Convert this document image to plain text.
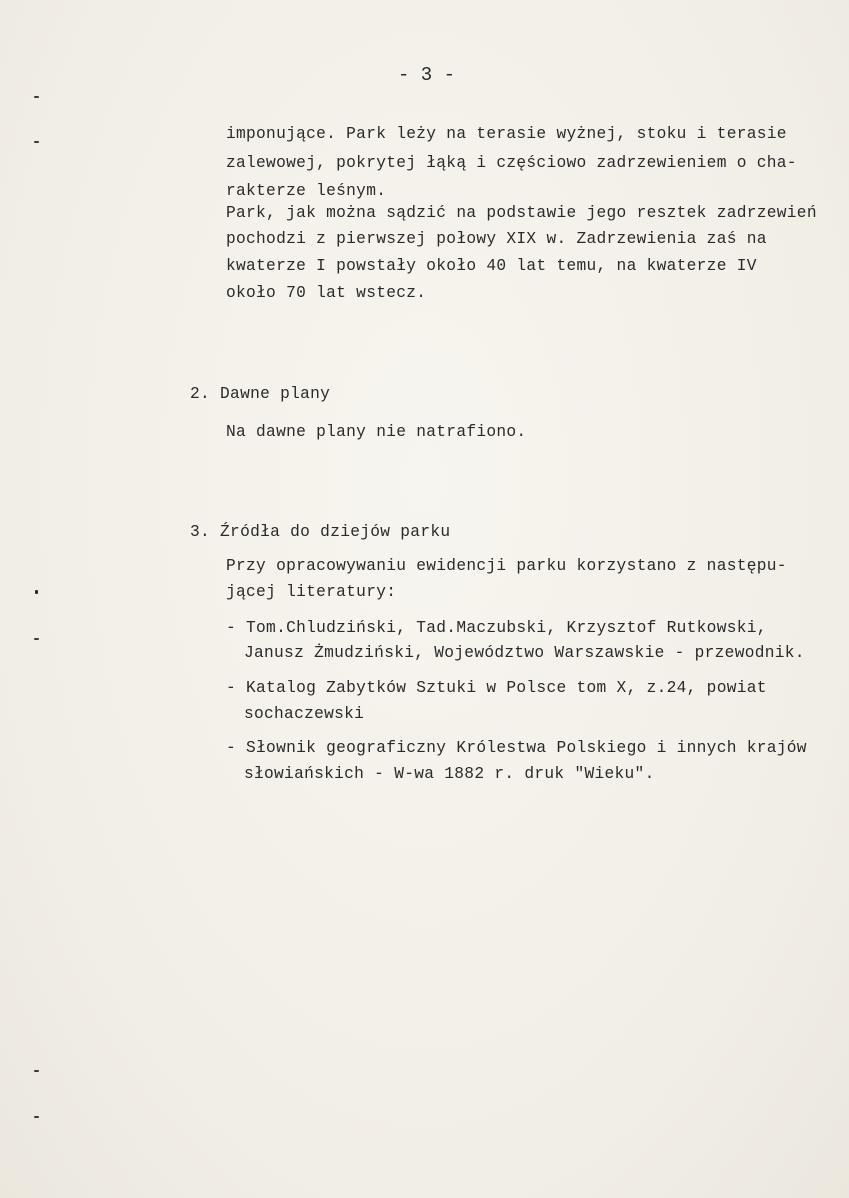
- 3 -
imponujące. Park leży na terasie wyżnej, stoku i terasie
zalewowej, pokrytej łąką i częściowo zadrzewieniem o cha-
rakterze leśnym.
Park, jak można sądzić na podstawie jego resztek zadrzewień
pochodzi z pierwszej połowy XIX w. Zadrzewienia zaś na
kwaterze I powstały około 40 lat temu, na kwaterze IV
około 70 lat wstecz.
2. Dawne plany
Na dawne plany nie natrafiono.
3. Źródła do dziejów parku
Przy opracowywaniu ewidencji parku korzystano z następu-
jącej literatury:
- Tom.Chludziński, Tad.Maczubski, Krzysztof Rutkowski,
Janusz Żmudziński, Województwo Warszawskie - przewodnik.
- Katalog Zabytków Sztuki w Polsce tom X, z.24, powiat
sochaczewski
- Słownik geograficzny Królestwa Polskiego i innych krajów
słowiańskich - W-wa 1882 r. druk "Wieku".
